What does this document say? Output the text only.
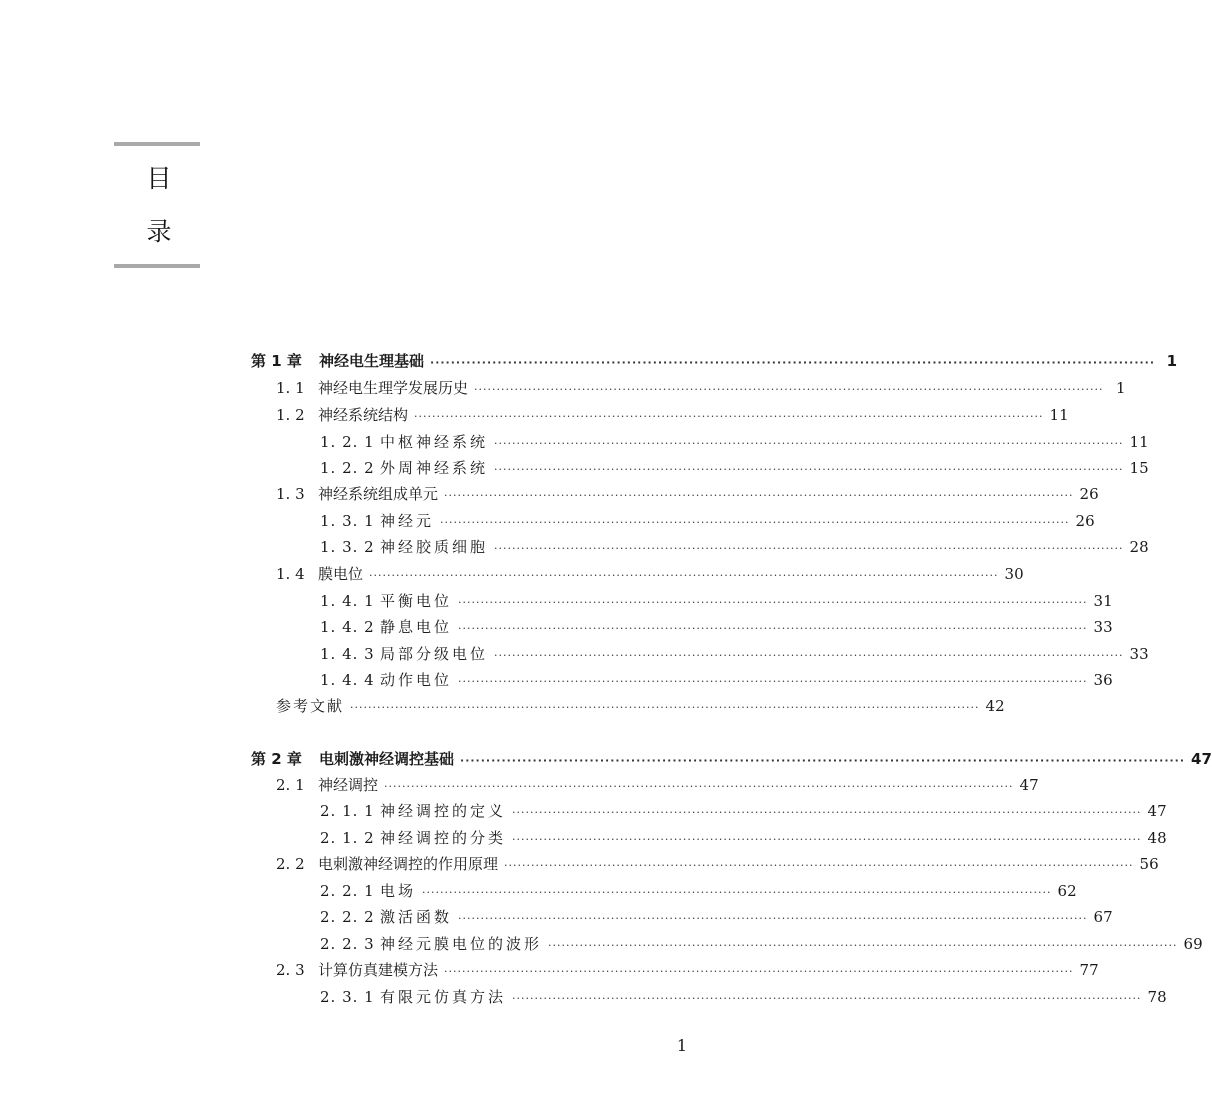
目
录
第 1 章	神经电生理基础 ············································································································································ 1
1. 1 神经电生理学发展历史 ············································································································································ 1
1. 2 神经系统结构 ············································································································································ 11
1. 2. 1 中枢神经系统 ············································································································································ 11
1. 2. 2 外周神经系统 ············································································································································ 15
1. 3 神经系统组成单元 ············································································································································ 26
1. 3. 1 神经元 ············································································································································ 26
1. 3. 2 神经胶质细胞 ············································································································································ 28
1. 4 膜电位 ············································································································································ 30
1. 4. 1 平衡电位 ············································································································································ 31
1. 4. 2 静息电位 ············································································································································ 33
1. 4. 3 局部分级电位 ············································································································································ 33
1. 4. 4 动作电位 ············································································································································ 36
参考文献 ············································································································································ 42
第 2 章	电刺激神经调控基础 ············································································································································ 47
2. 1 神经调控 ············································································································································ 47
2. 1. 1 神经调控的定义 ············································································································································ 47
2. 1. 2 神经调控的分类 ············································································································································ 48
2. 2 电刺激神经调控的作用原理 ············································································································································ 56
2. 2. 1 电场 ············································································································································ 62
2. 2. 2 激活函数 ············································································································································ 67
2. 2. 3 神经元膜电位的波形 ············································································································································ 69
2. 3 计算仿真建模方法 ············································································································································ 77
2. 3. 1 有限元仿真方法 ············································································································································ 78
1
